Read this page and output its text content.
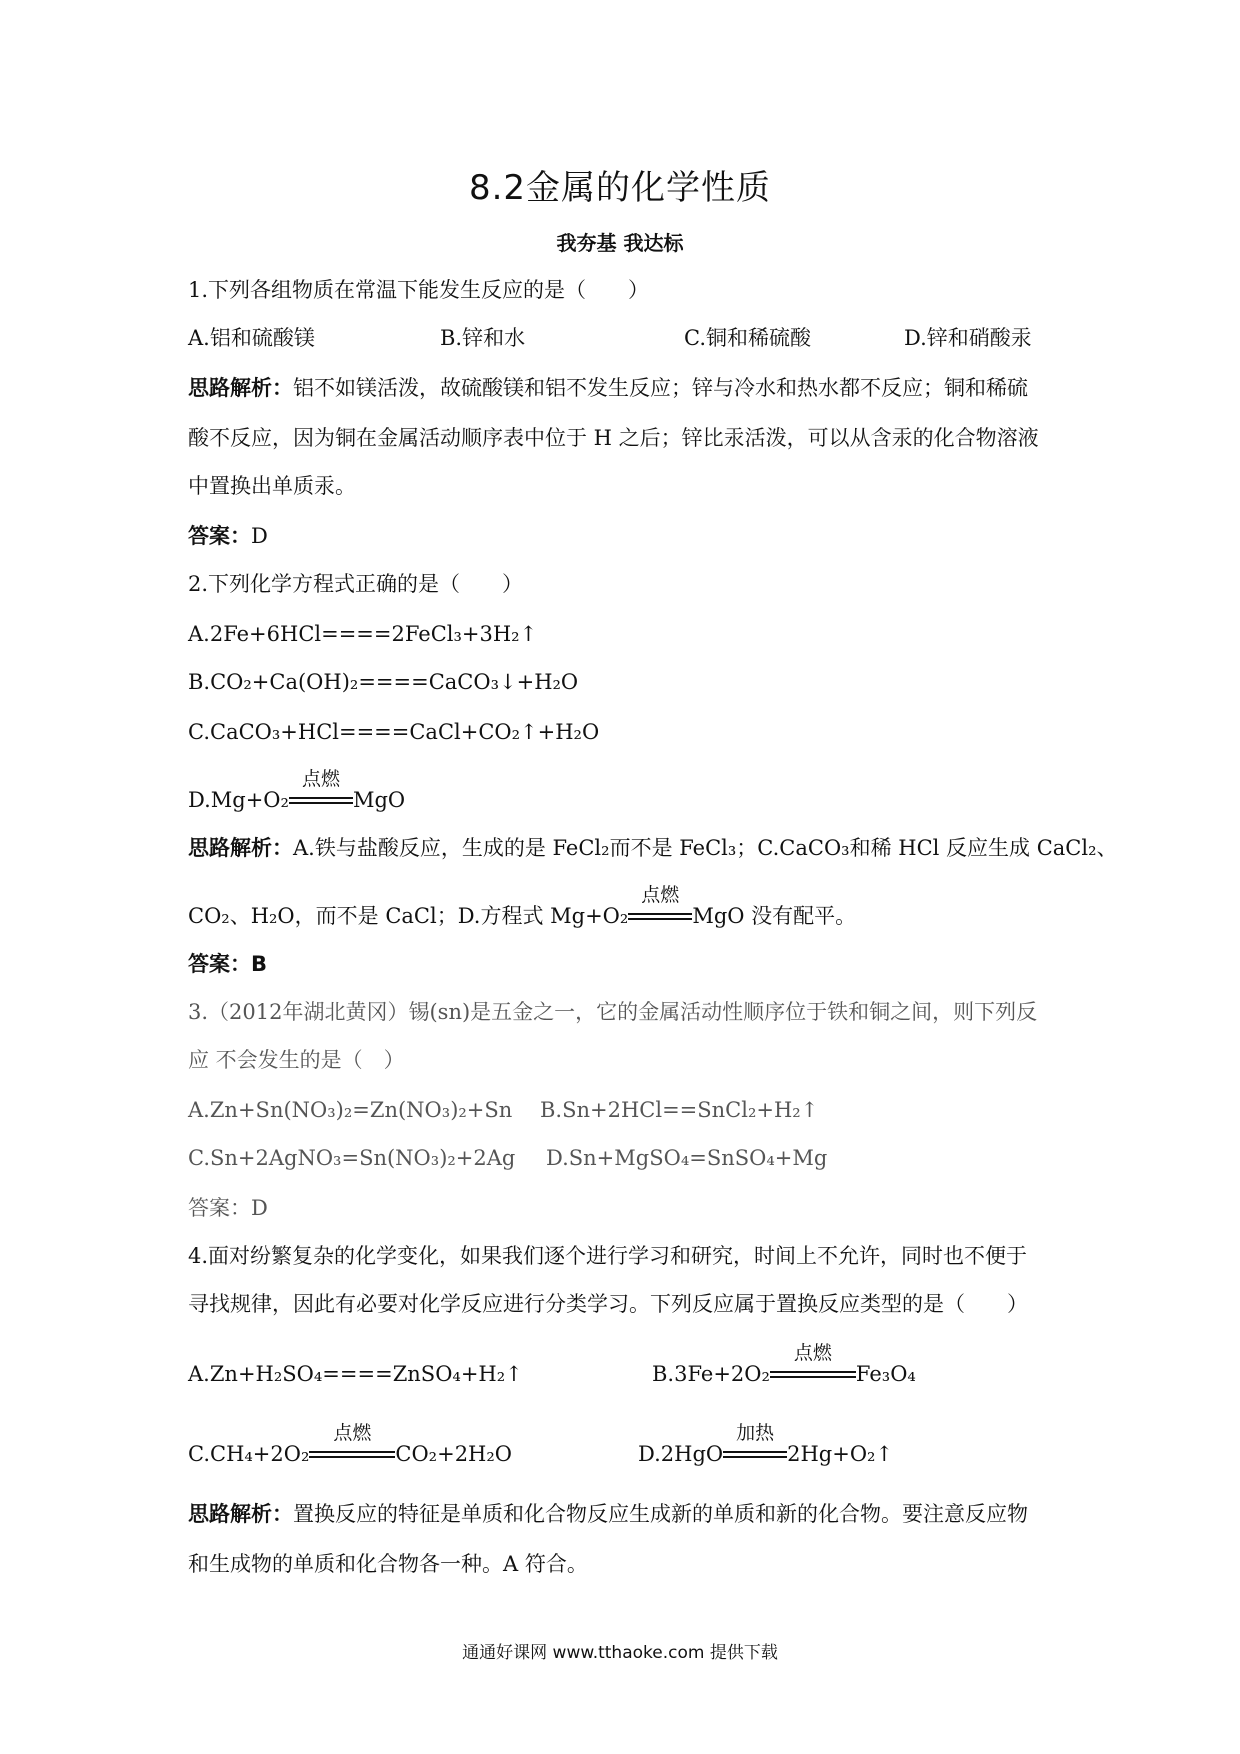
8.2金属的化学性质
我夯基 我达标
1.下列各组物质在常温下能发生反应的是（　　）
A.铝和硫酸镁	B.锌和水	C.铜和稀硫酸	D.锌和硝酸汞
思路解析：铝不如镁活泼，故硫酸镁和铝不发生反应；锌与冷水和热水都不反应；铜和稀硫
酸不反应，因为铜在金属活动顺序表中位于 H 之后；锌比汞活泼，可以从含汞的化合物溶液
中置换出单质汞。
答案：D
2.下列化学方程式正确的是（　　）
A.2Fe+6HCl====2FeCl₃+3H₂↑
B.CO₂+Ca(OH)₂====CaCO₃↓+H₂O
C.CaCO₃+HCl====CaCl+CO₂↑+H₂O
D.Mg+O₂
点燃
MgO
思路解析：A.铁与盐酸反应，生成的是 FeCl₂而不是 FeCl₃；C.CaCO₃和稀 HCl 反应生成 CaCl₂、
CO₂、H₂O，而不是 CaCl；D.方程式 Mg+O₂
点燃
MgO 没有配平。
答案：B
3.（2012年湖北黄冈）锡(sn)是五金之一，它的金属活动性顺序位于铁和铜之间，则下列反
应 不会发生的是（　）
A.Zn+Sn(NO₃)₂=Zn(NO₃)₂+Sn B.Sn+2HCl==SnCl₂+H₂↑
C.Sn+2AgNO₃=Sn(NO₃)₂+2Ag D.Sn+MgSO₄=SnSO₄+Mg
答案：D
4.面对纷繁复杂的化学变化，如果我们逐个进行学习和研究，时间上不允许，同时也不便于
寻找规律，因此有必要对化学反应进行分类学习。下列反应属于置换反应类型的是（　　）
A.Zn+H₂SO₄====ZnSO₄+H₂↑	B.3Fe+2O₂
点燃
Fe₃O₄
C.CH₄+2O₂
点燃
CO₂+2H₂O	D.2HgO
加热
2Hg+O₂↑
思路解析：置换反应的特征是单质和化合物反应生成新的单质和新的化合物。要注意反应物
和生成物的单质和化合物各一种。A 符合。
通通好课网 www.tthaoke.com 提供下载
